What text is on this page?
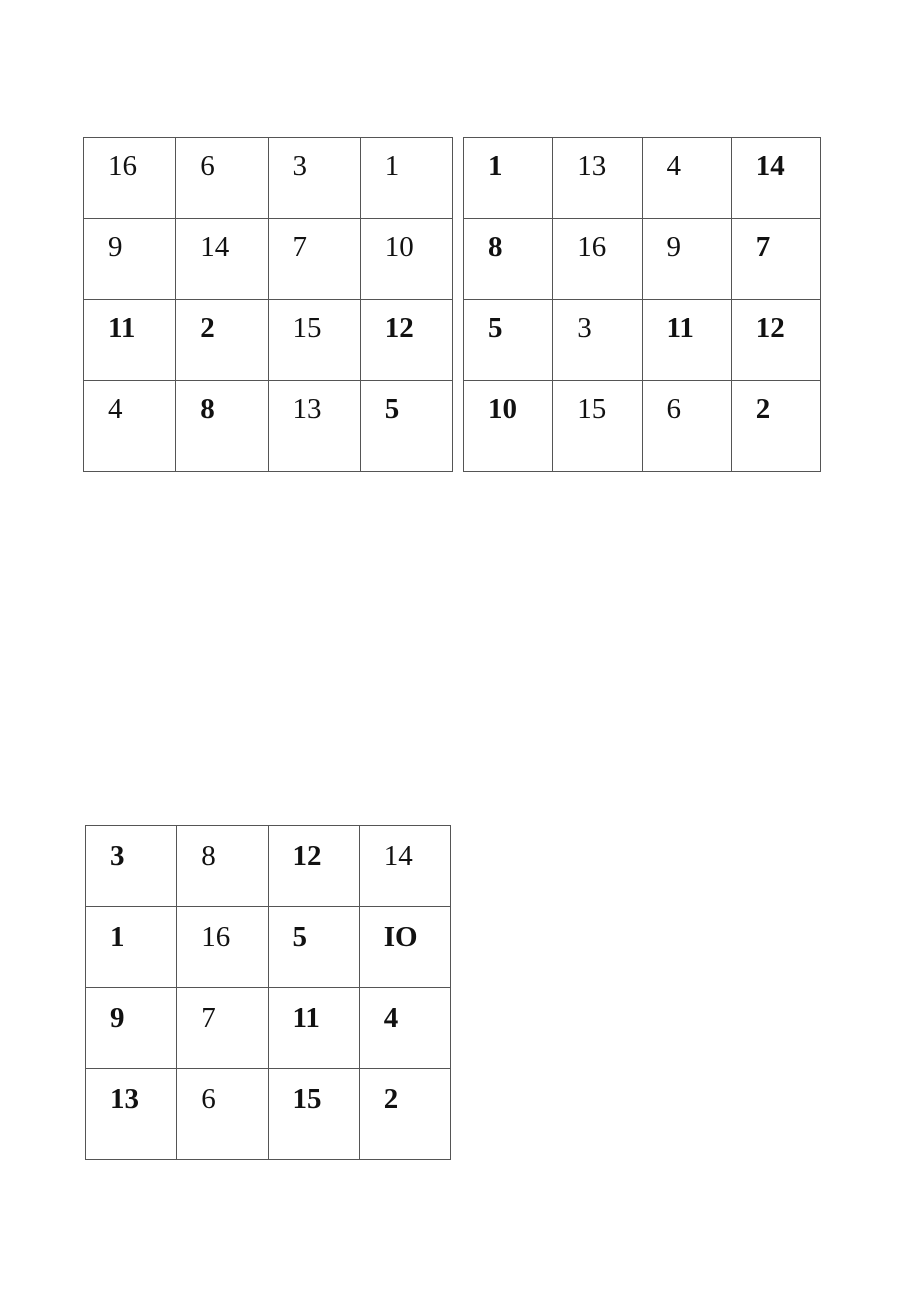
16	6	3	1

9	14	7	10

11	2	15	12

4	8	13	5
1	13	4	14

8	16	9	7

5	3	11	12

10	15	6	2
3	8	12	14

1	16	5	IO

9	7	11	4

13	6	15	2
